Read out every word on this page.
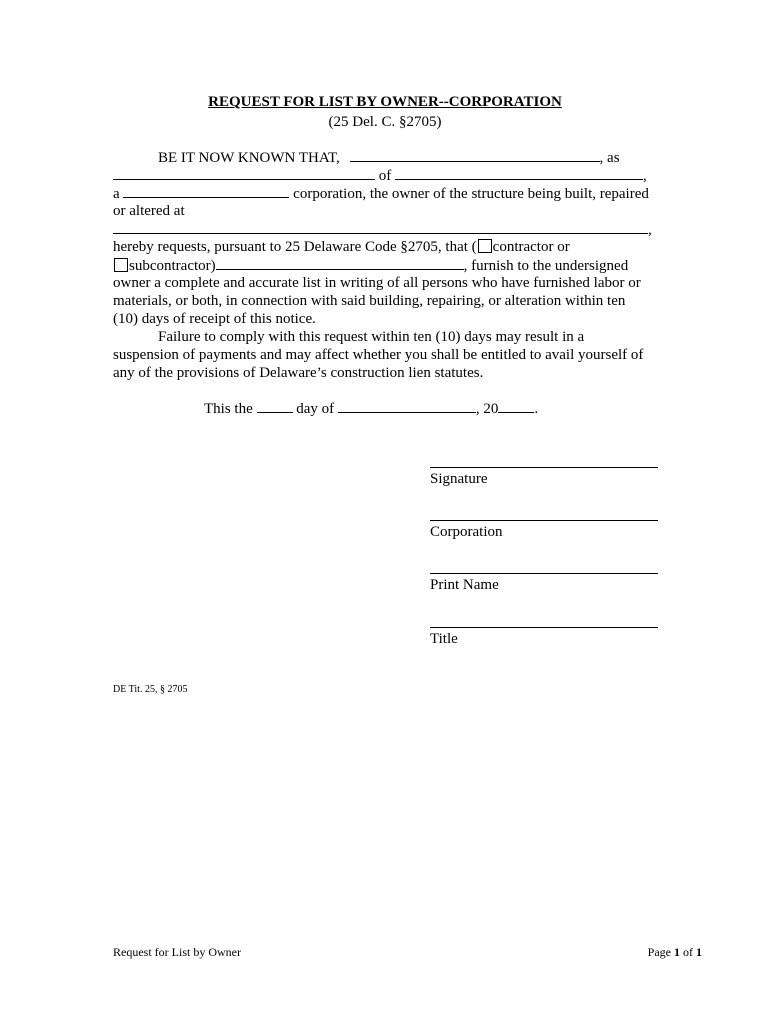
REQUEST FOR LIST BY OWNER--CORPORATION
(25 Del. C. §2705)
BE IT NOW KNOWN THAT,	, as
of	,
a	corporation, the owner of the structure being built, repaired
or altered at
,
hereby requests, pursuant to 25 Delaware Code §2705, that ( contractor or
subcontractor)	, furnish to the undersigned
owner a complete and accurate list in writing of all persons who have furnished labor or
materials, or both, in connection with said building, repairing, or alteration within ten
(10) days of receipt of this notice.
Failure to comply with this request within ten (10) days may result in a
suspension of payments and may affect whether you shall be entitled to avail yourself of
any of the provisions of Delaware’s construction lien statutes.
This the	day of	, 20 .
Signature
Corporation
Print Name
Title
DE Tit. 25, § 2705
Request for List by Owner	Page 1 of 1
